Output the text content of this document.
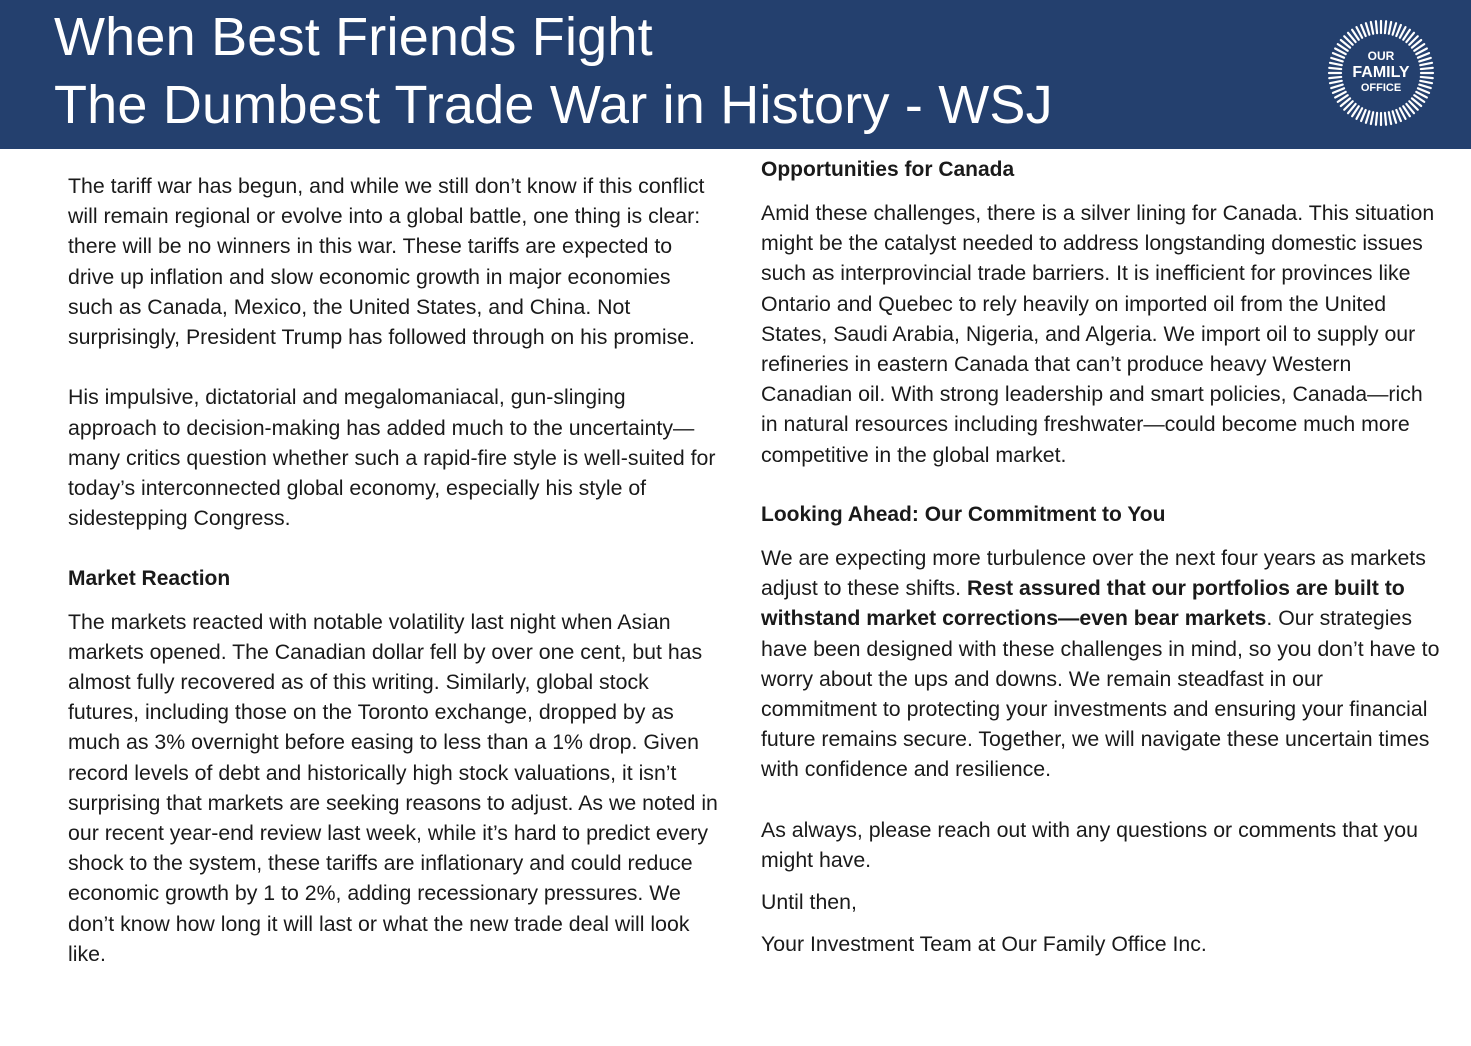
When Best Friends Fight
The Dumbest Trade War in History - WSJ
OUR
FAMILY
OFFICE

The tariff war has begun, and while we still don’t know if this conflict will remain regional or evolve into a global battle, one thing is clear: there will be no winners in this war. These tariffs are expected to drive up inflation and slow economic growth in major economies such as Canada, Mexico, the United States, and China. Not surprisingly, President Trump has followed through on his promise.

His impulsive, dictatorial and megalomaniacal, gun-slinging approach to decision-making has added much to the uncertainty—many critics question whether such a rapid-fire style is well-suited for today’s interconnected global economy, especially his style of sidestepping Congress.

Market Reaction

The markets reacted with notable volatility last night when Asian markets opened. The Canadian dollar fell by over one cent, but has almost fully recovered as of this writing. Similarly, global stock futures, including those on the Toronto exchange, dropped by as much as 3% overnight before easing to less than a 1% drop. Given record levels of debt and historically high stock valuations, it isn’t surprising that markets are seeking reasons to adjust. As we noted in our recent year-end review last week, while it’s hard to predict every shock to the system, these tariffs are inflationary and could reduce economic growth by 1 to 2%, adding recessionary pressures. We don’t know how long it will last or what the new trade deal will look like.

Opportunities for Canada

Amid these challenges, there is a silver lining for Canada. This situation might be the catalyst needed to address longstanding domestic issues such as interprovincial trade barriers. It is inefficient for provinces like Ontario and Quebec to rely heavily on imported oil from the United States, Saudi Arabia, Nigeria, and Algeria. We import oil to supply our refineries in eastern Canada that can’t produce heavy Western Canadian oil. With strong leadership and smart policies, Canada—rich in natural resources including freshwater—could become much more competitive in the global market.

Looking Ahead: Our Commitment to You

We are expecting more turbulence over the next four years as markets adjust to these shifts. Rest assured that our portfolios are built to withstand market corrections—even bear markets. Our strategies have been designed with these challenges in mind, so you don’t have to worry about the ups and downs. We remain steadfast in our commitment to protecting your investments and ensuring your financial future remains secure. Together, we will navigate these uncertain times with confidence and resilience.

As always, please reach out with any questions or comments that you might have.

Until then,

Your Investment Team at Our Family Office Inc.
